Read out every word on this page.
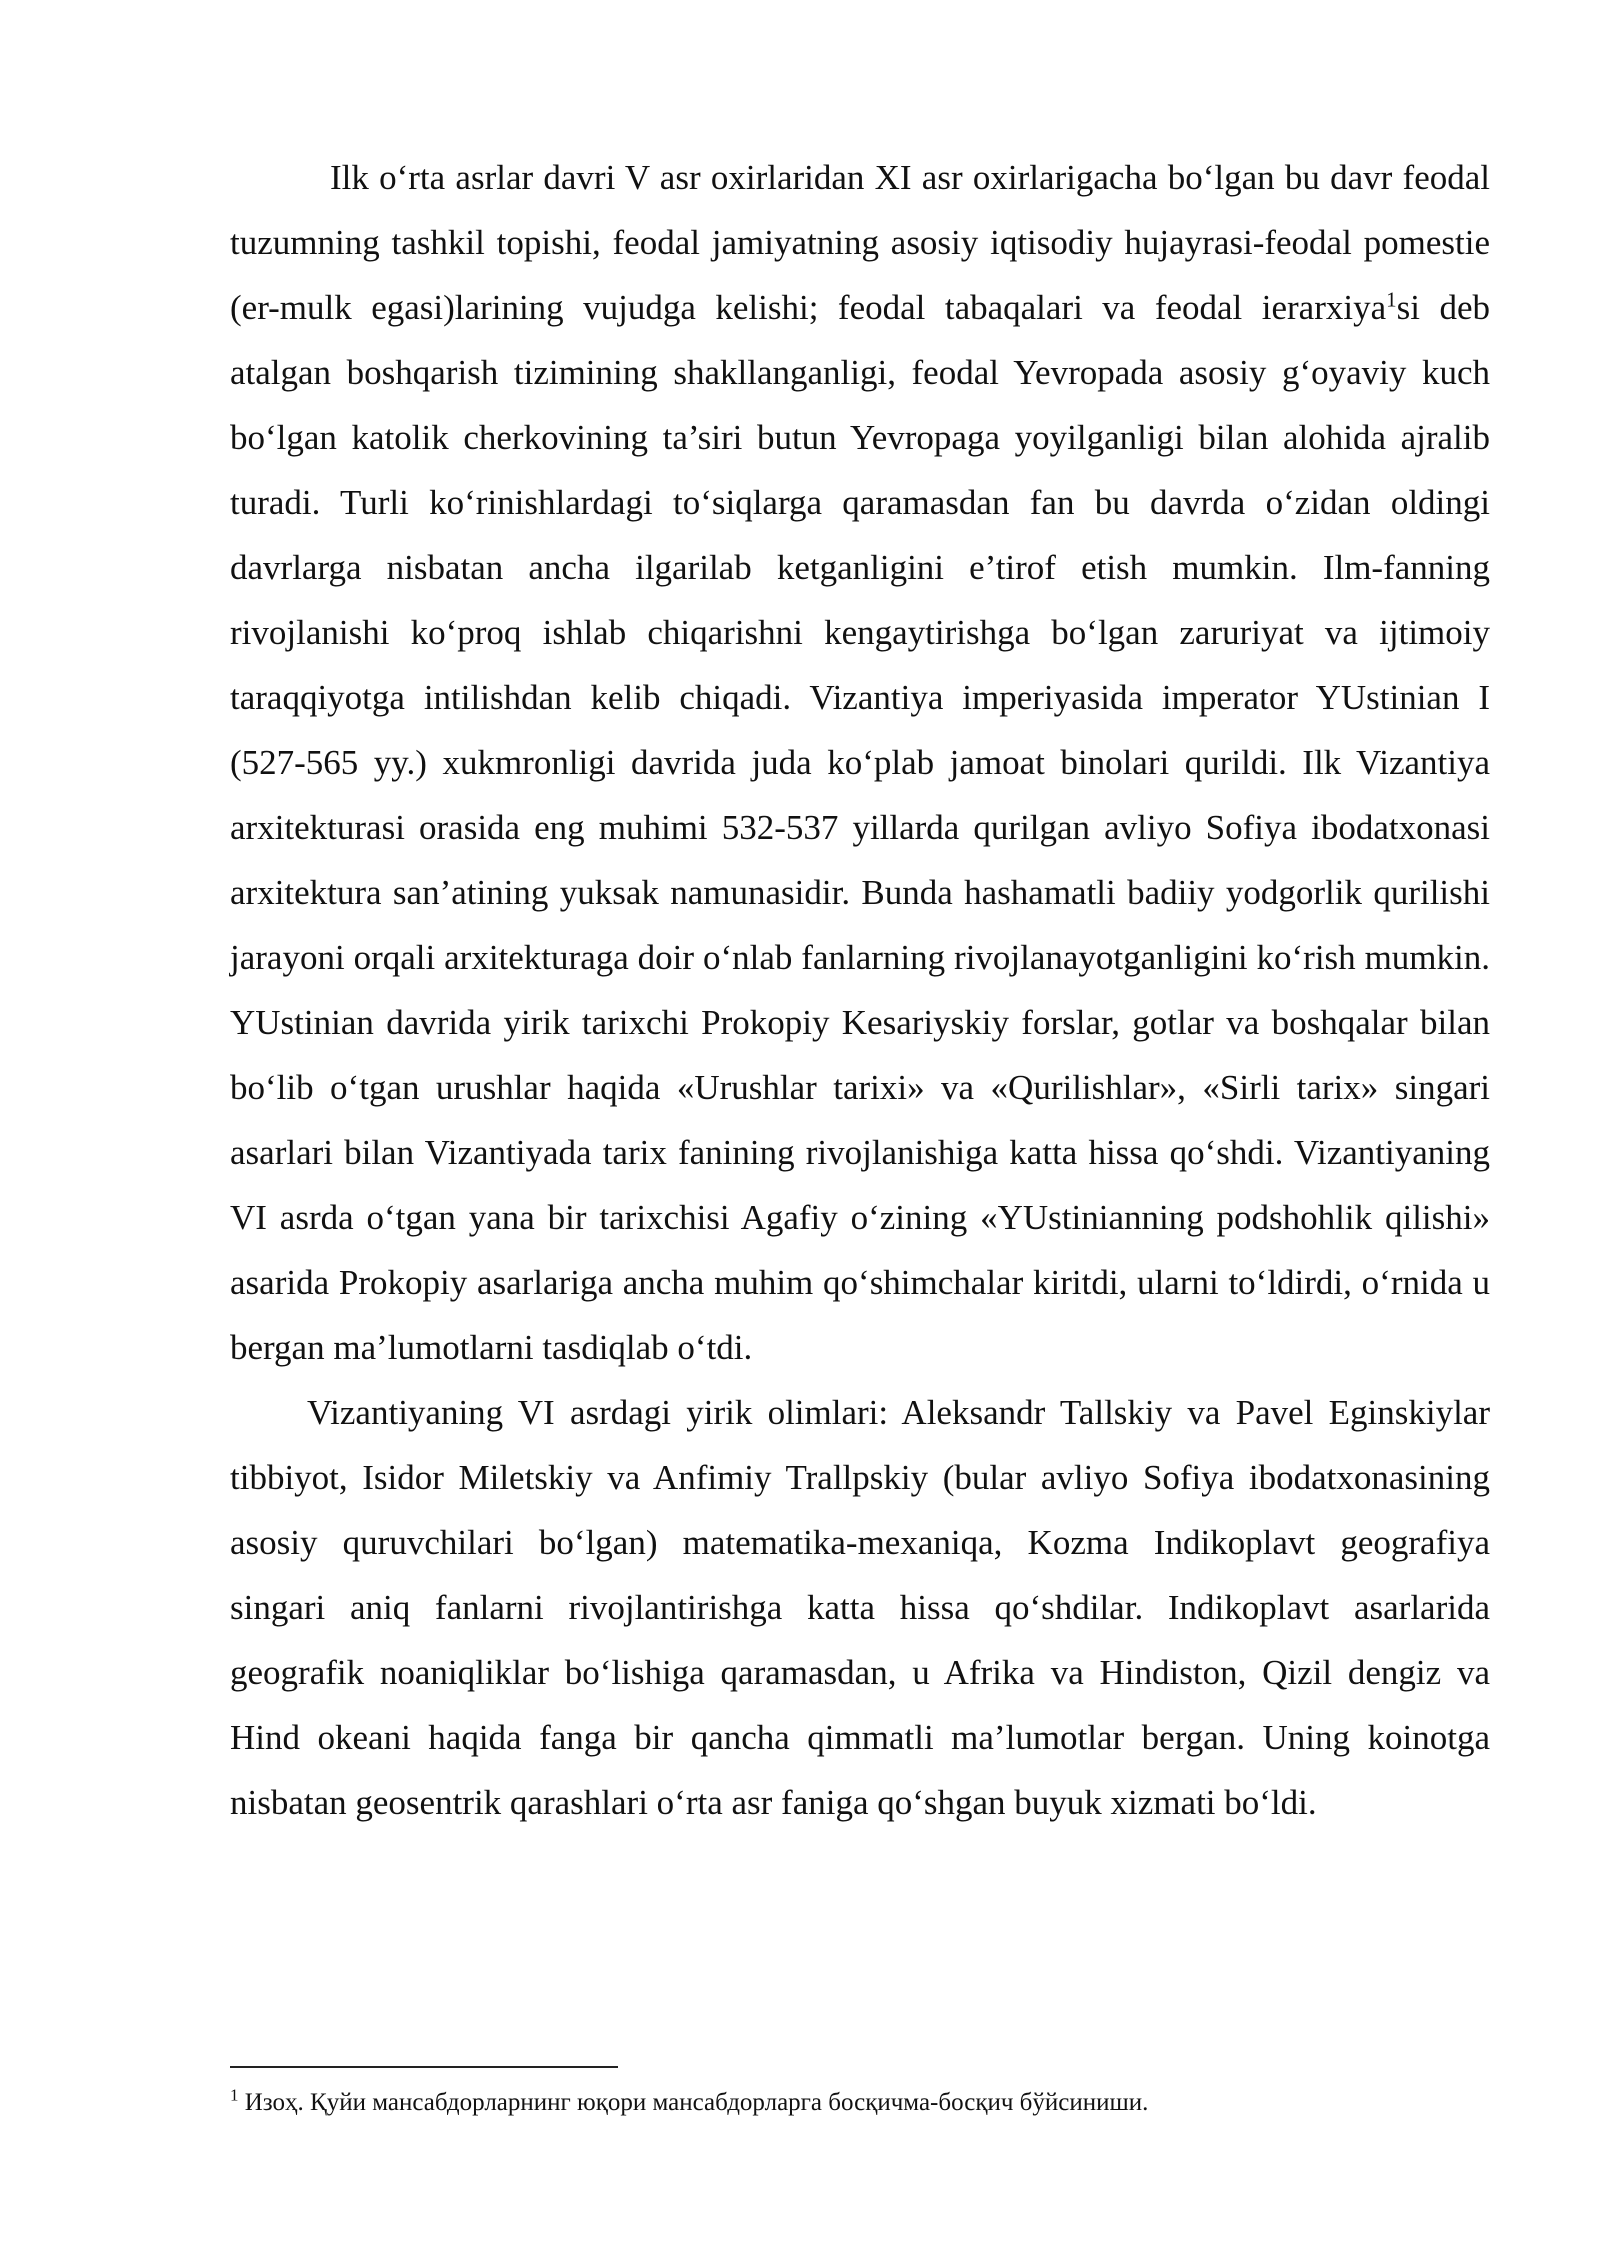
Ilk o‘rta asrlar davri V asr oxirlaridan XI asr oxirlarigacha bo‘lgan bu davr feodal tuzumning tashkil topishi, feodal jamiyatning asosiy iqtisodiy hujayrasi-feodal pomestie (er-mulk egasi)larining vujudga kelishi; feodal tabaqalari va feodal ierarxiya$^1$si deb atalgan boshqarish tizimining shakllanganligi, feodal Yevropada asosiy g‘oyaviy kuch bo‘lgan katolik cherkovining ta’siri butun Yevropaga yoyilganligi bilan alohida ajralib turadi. Turli ko‘rinishlardagi to‘siqlarga qaramasdan fan bu davrda o‘zidan oldingi davrlarga nisbatan ancha ilgarilab ketganligini e’tirof etish mumkin. Ilm-fanning rivojlanishi ko‘proq ishlab chiqarishni kengaytirishga bo‘lgan zaruriyat va ijtimoiy taraqqiyotga intilishdan kelib chiqadi. Vizantiya imperiyasida imperator YUstinian I (527-565 yy.) xukmronligi davrida juda ko‘plab jamoat binolari qurildi. Ilk Vizantiya arxitekturasi orasida eng muhimi 532-537 yillarda qurilgan avliyo Sofiya ibodatxonasi arxitektura san’atining yuksak namunasidir. Bunda hashamatli badiiy yodgorlik qurilishi jarayoni orqali arxitekturaga doir o‘nlab fanlarning rivojlanayotganligini ko‘rish mumkin. YUstinian davrida yirik tarixchi Prokopiy Kesariyskiy forslar, gotlar va boshqalar bilan bo‘lib o‘tgan urushlar haqida «Urushlar tarixi» va «Qurilishlar», «Sirli tarix» singari asarlari bilan Vizantiyada tarix fanining rivojlanishiga katta hissa qo‘shdi. Vizantiyaning VI asrda o‘tgan yana bir tarixchisi Agafiy o‘zining «YUstinianning podshohlik qilishi» asarida Prokopiy asarlariga ancha muhim qo‘shimchalar kiritdi, ularni to‘ldirdi, o‘rnida u bergan ma’lumotlarni tasdiqlab o‘tdi.

Vizantiyaning VI asrdagi yirik olimlari: Aleksandr Tallskiy va Pavel Eginskiylar tibbiyot, Isidor Miletskiy va Anfimiy Trallpskiy (bular avliyo Sofiya ibodatxonasining asosiy quruvchilari bo‘lgan) matematika-mexaniqa, Kozma Indikoplavt geografiya singari aniq fanlarni rivojlantirishga katta hissa qo‘shdilar. Indikoplavt asarlarida geografik noaniqliklar bo‘lishiga qaramasdan, u Afrika va Hindiston, Qizil dengiz va Hind okeani haqida fanga bir qancha qimmatli ma’lumotlar bergan. Uning koinotga nisbatan geosentrik qarashlari o‘rta asr faniga qo‘shgan buyuk xizmati bo‘ldi.

$^1$ Изоҳ. Қуйи мансабдорларнинг юқори мансабдорларга босқичма-босқич бўйсиниши.
